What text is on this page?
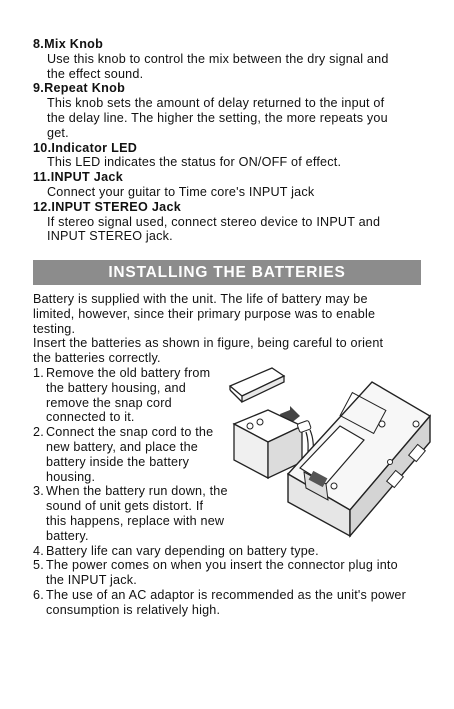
8.Mix Knob
Use this knob to control the mix between the dry signal and
the effect sound.
9.Repeat Knob
This knob sets the amount of delay returned to the input of
the delay line. The higher the setting, the more repeats you
get.
10.Indicator LED
This LED indicates the status for ON/OFF of effect.
11.INPUT Jack
Connect your guitar to Time core's INPUT jack
12.INPUT STEREO Jack
If stereo signal used, connect stereo device to INPUT and
INPUT STEREO jack.
INSTALLING THE BATTERIES
Battery is supplied with the unit. The life of battery may be
limited, however, since their primary purpose was to enable
testing.
Insert the batteries as shown in figure, being careful to orient
the batteries correctly.
1. Remove the old battery from
the battery housing, and
remove the snap cord
connected to it.
2. Connect the snap cord to the
new battery, and place the
battery inside the battery
housing.
3. When the battery run down, the
sound of unit gets distort. If
this happens, replace with new
battery.
4. Battery life can vary depending on battery type.
5. The power comes on when you insert the connector plug into
the INPUT jack.
6. The use of an AC adaptor is recommended as the unit's power
consumption is relatively high.
